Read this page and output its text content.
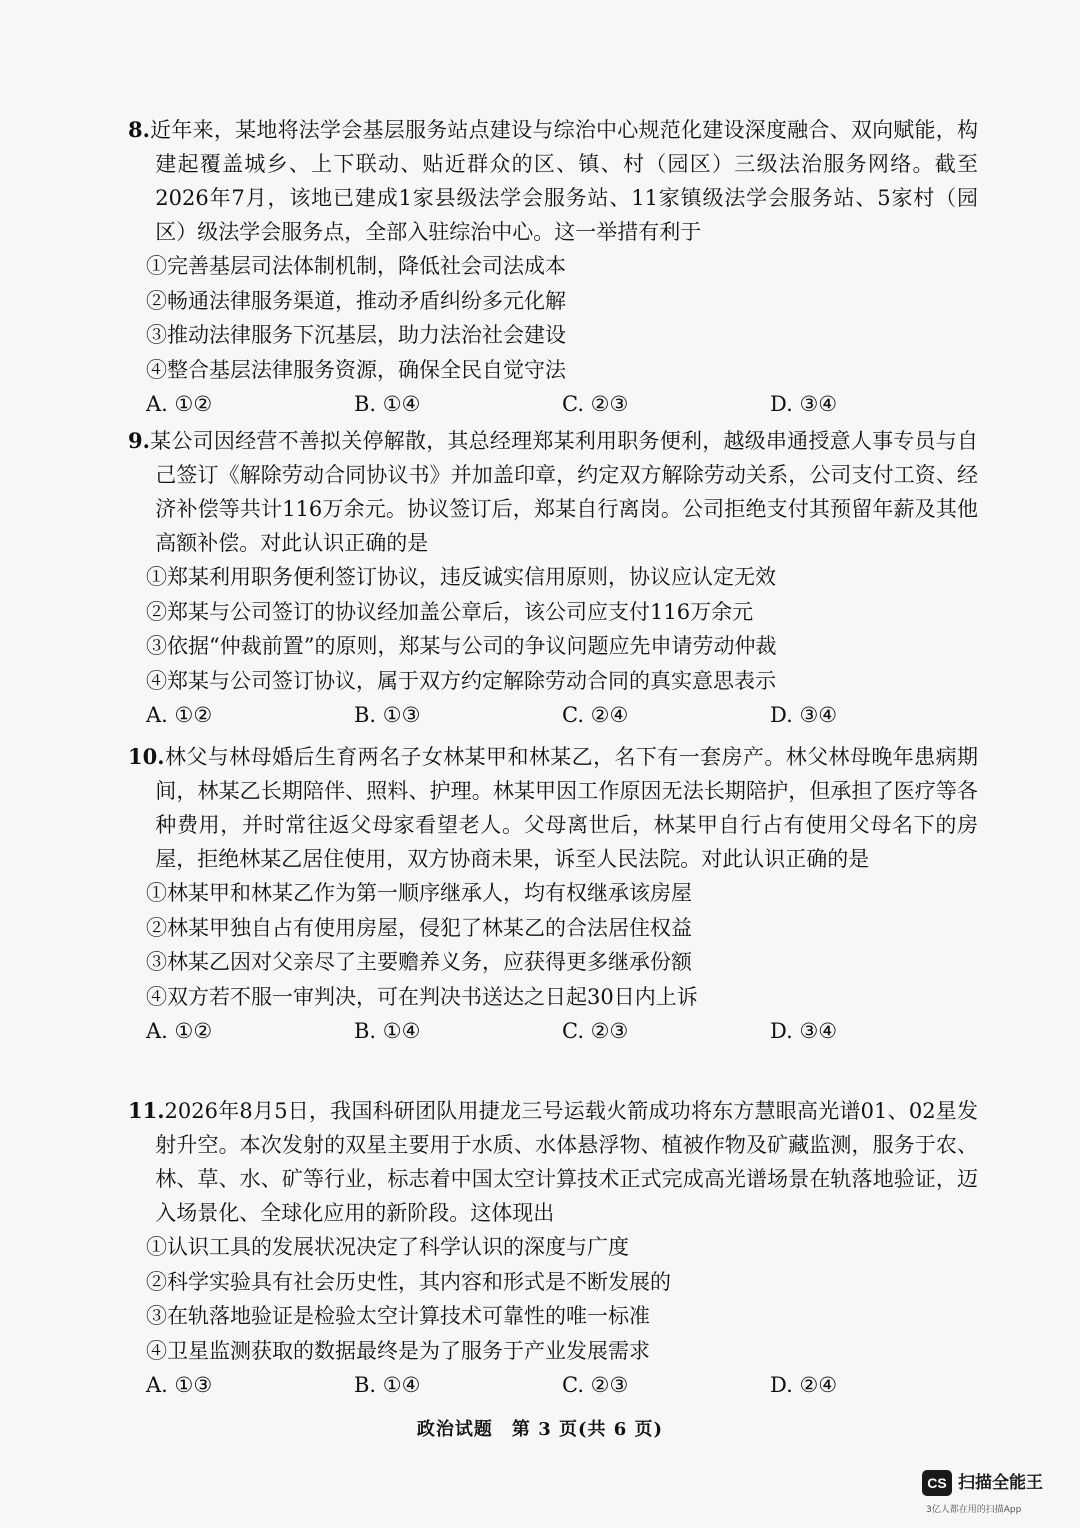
8.近年来，某地将法学会基层服务站点建设与综治中心规范化建设深度融合、双向赋能，构建起覆盖城乡、上下联动、贴近群众的区、镇、村（园区）三级法治服务网络。截至2026年7月，该地已建成1家县级法学会服务站、11家镇级法学会服务站、5家村（园区）级法学会服务点，全部入驻综治中心。这一举措有利于
①完善基层司法体制机制，降低社会司法成本
②畅通法律服务渠道，推动矛盾纠纷多元化解
③推动法律服务下沉基层，助力法治社会建设
④整合基层法律服务资源，确保全民自觉守法
A. ①②	B. ①④	C. ②③	D. ③④
9.某公司因经营不善拟关停解散，其总经理郑某利用职务便利，越级串通授意人事专员与自己签订《解除劳动合同协议书》并加盖印章，约定双方解除劳动关系，公司支付工资、经济补偿等共计116万余元。协议签订后，郑某自行离岗。公司拒绝支付其预留年薪及其他高额补偿。对此认识正确的是
①郑某利用职务便利签订协议，违反诚实信用原则，协议应认定无效
②郑某与公司签订的协议经加盖公章后，该公司应支付116万余元
③依据“仲裁前置”的原则，郑某与公司的争议问题应先申请劳动仲裁
④郑某与公司签订协议，属于双方约定解除劳动合同的真实意思表示
A. ①②	B. ①③	C. ②④	D. ③④
10.林父与林母婚后生育两名子女林某甲和林某乙，名下有一套房产。林父林母晚年患病期间，林某乙长期陪伴、照料、护理。林某甲因工作原因无法长期陪护，但承担了医疗等各种费用，并时常往返父母家看望老人。父母离世后，林某甲自行占有使用父母名下的房屋，拒绝林某乙居住使用，双方协商未果，诉至人民法院。对此认识正确的是
①林某甲和林某乙作为第一顺序继承人，均有权继承该房屋
②林某甲独自占有使用房屋，侵犯了林某乙的合法居住权益
③林某乙因对父亲尽了主要赡养义务，应获得更多继承份额
④双方若不服一审判决，可在判决书送达之日起30日内上诉
A. ①②	B. ①④	C. ②③	D. ③④
11.2026年8月5日，我国科研团队用捷龙三号运载火箭成功将东方慧眼高光谱01、02星发射升空。本次发射的双星主要用于水质、水体悬浮物、植被作物及矿藏监测，服务于农、林、草、水、矿等行业，标志着中国太空计算技术正式完成高光谱场景在轨落地验证，迈入场景化、全球化应用的新阶段。这体现出
①认识工具的发展状况决定了科学认识的深度与广度
②科学实验具有社会历史性，其内容和形式是不断发展的
③在轨落地验证是检验太空计算技术可靠性的唯一标准
④卫星监测获取的数据最终是为了服务于产业发展需求
A. ①③	B. ①④	C. ②③	D. ②④
政治试题　第 3 页(共 6 页)
CS 扫描全能王
3亿人都在用的扫描App
